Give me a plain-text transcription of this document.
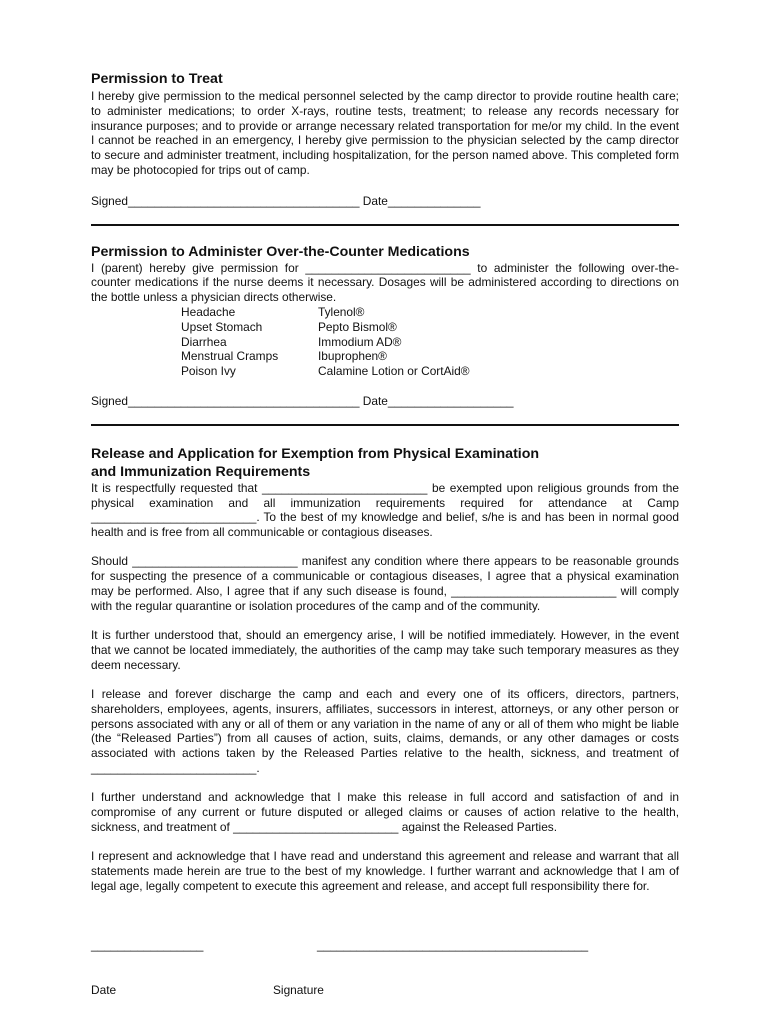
Permission to Treat

I hereby give permission to the medical personnel selected by the camp director to provide routine health care; to administer medications; to order X-rays, routine tests, treatment; to release any records necessary for insurance purposes; and to provide or arrange necessary related transportation for me/or my child. In the event I cannot be reached in an emergency, I hereby give permission to the physician selected by the camp director to secure and administer treatment, including hospitalization, for the person named above. This completed form may be photocopied for trips out of camp.

Signed___________________________________ Date______________
Permission to Administer Over-the-Counter Medications

I (parent) hereby give permission for _________________________ to administer the following over-the-counter medications if the nurse deems it necessary. Dosages will be administered according to directions on the bottle unless a physician directs otherwise.

Headache	Tylenol®
Upset Stomach	Pepto Bismol®
Diarrhea	Immodium AD®
Menstrual Cramps	Ibuprophen®
Poison Ivy	Calamine Lotion or CortAid®
Signed___________________________________ Date___________________
Release and Application for Exemption from Physical Examination
and Immunization Requirements

It is respectfully requested that _________________________ be exempted upon religious grounds from the physical examination and all immunization requirements required for attendance at Camp _________________________. To the best of my knowledge and belief, s/he is and has been in normal good health and is free from all communicable or contagious diseases.

Should _________________________ manifest any condition where there appears to be reasonable grounds for suspecting the presence of a communicable or contagious diseases, I agree that a physical examination may be performed. Also, I agree that if any such disease is found, _________________________ will comply with the regular quarantine or isolation procedures of the camp and of the community.

It is further understood that, should an emergency arise, I will be notified immediately. However, in the event that we cannot be located immediately, the authorities of the camp may take such temporary measures as they deem necessary.

I release and forever discharge the camp and each and every one of its officers, directors, partners, shareholders, employees, agents, insurers, affiliates, successors in interest, attorneys, or any other person or persons associated with any or all of them or any variation in the name of any or all of them who might be liable (the “Released Parties”) from all causes of action, suits, claims, demands, or any other damages or costs associated with actions taken by the Released Parties relative to the health, sickness, and treatment of _________________________.

I further understand and acknowledge that I make this release in full accord and satisfaction of and in compromise of any current or future disputed or alleged claims or causes of action relative to the health, sickness, and treatment of _________________________ against the Released Parties.

I represent and acknowledge that I have read and understand this agreement and release and warrant that all statements made herein are true to the best of my knowledge. I further warrant and acknowledge that I am of legal age, legally competent to execute this agreement and release, and accept full responsibility there for.

_________________

Date

_________________________________________

Signature
